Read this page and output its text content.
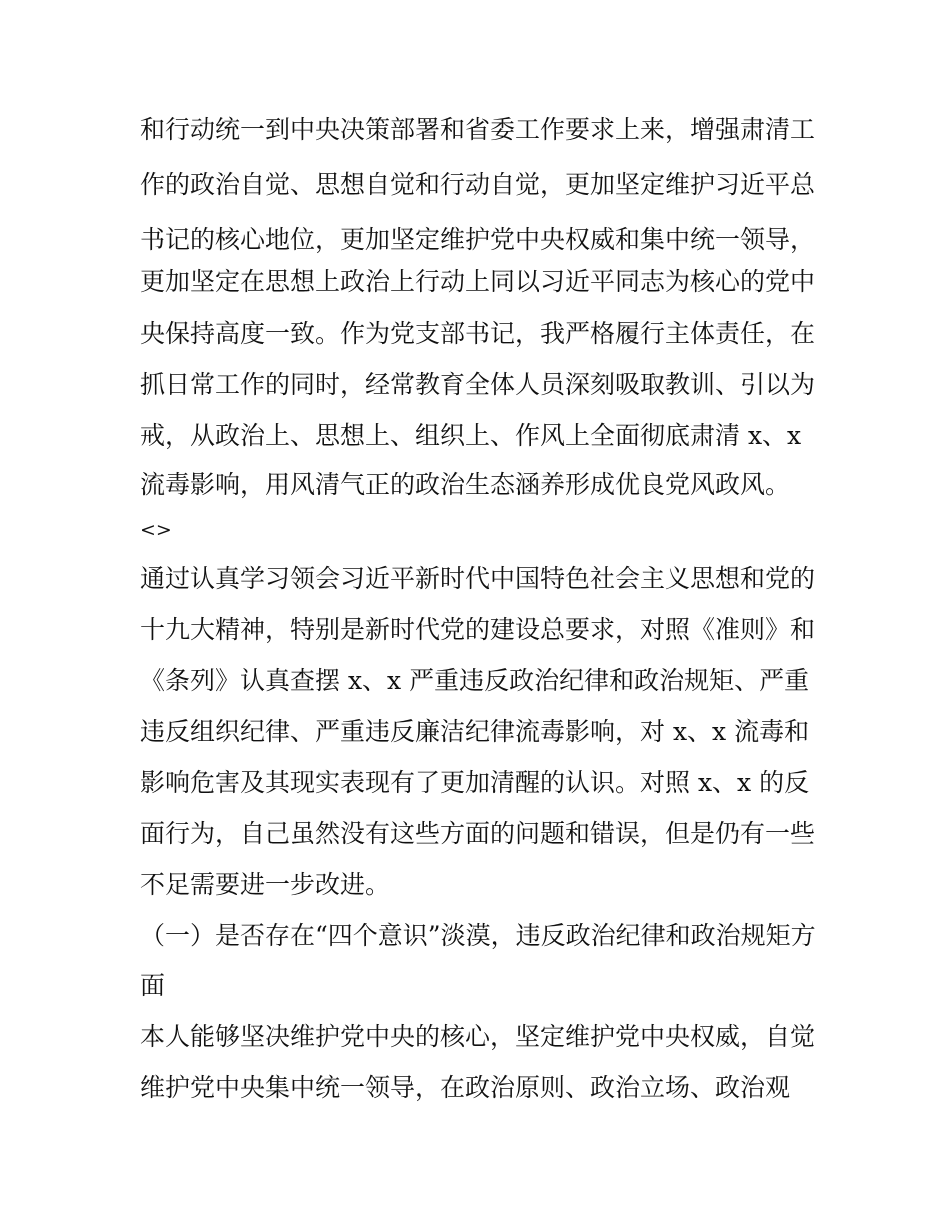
和行动统一到中央决策部署和省委工作要求上来，增强肃清工
作的政治自觉、思想自觉和行动自觉，更加坚定维护习近平总
书记的核心地位，更加坚定维护党中央权威和集中统一领导，
更加坚定在思想上政治上行动上同以习近平同志为核心的党中
央保持高度一致。作为党支部书记，我严格履行主体责任，在
抓日常工作的同时，经常教育全体人员深刻吸取教训、引以为
戒，从政治上、思想上、组织上、作风上全面彻底肃清 x、x
流毒影响，用风清气正的政治生态涵养形成优良党风政风。
<>
通过认真学习领会习近平新时代中国特色社会主义思想和党的
十九大精神，特别是新时代党的建设总要求，对照《准则》和
《条列》认真查摆 x、x 严重违反政治纪律和政治规矩、严重
违反组织纪律、严重违反廉洁纪律流毒影响，对 x、x 流毒和
影响危害及其现实表现有了更加清醒的认识。对照 x、x 的反
面行为，自己虽然没有这些方面的问题和错误，但是仍有一些
不足需要进一步改进。
（一）是否存在“四个意识”淡漠，违反政治纪律和政治规矩方
面
本人能够坚决维护党中央的核心，坚定维护党中央权威，自觉
维护党中央集中统一领导，在政治原则、政治立场、政治观
